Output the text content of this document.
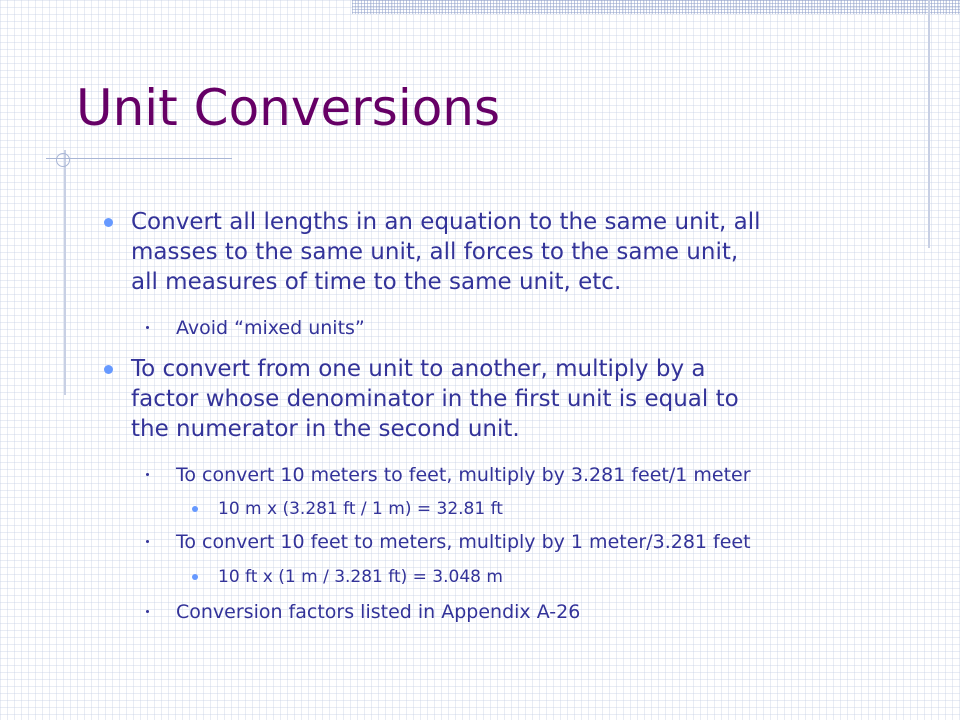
Unit Conversions
Convert all lengths in an equation to the same unit, all
masses to the same unit, all forces to the same unit,
all measures of time to the same unit, etc.
Avoid “mixed units”
To convert from one unit to another, multiply by a
factor whose denominator in the first unit is equal to
the numerator in the second unit.
To convert 10 meters to feet, multiply by 3.281 feet/1 meter
10 m x (3.281 ft / 1 m) = 32.81 ft
To convert 10 feet to meters, multiply by 1 meter/3.281 feet
10 ft x (1 m / 3.281 ft) = 3.048 m
Conversion factors listed in Appendix A-26
